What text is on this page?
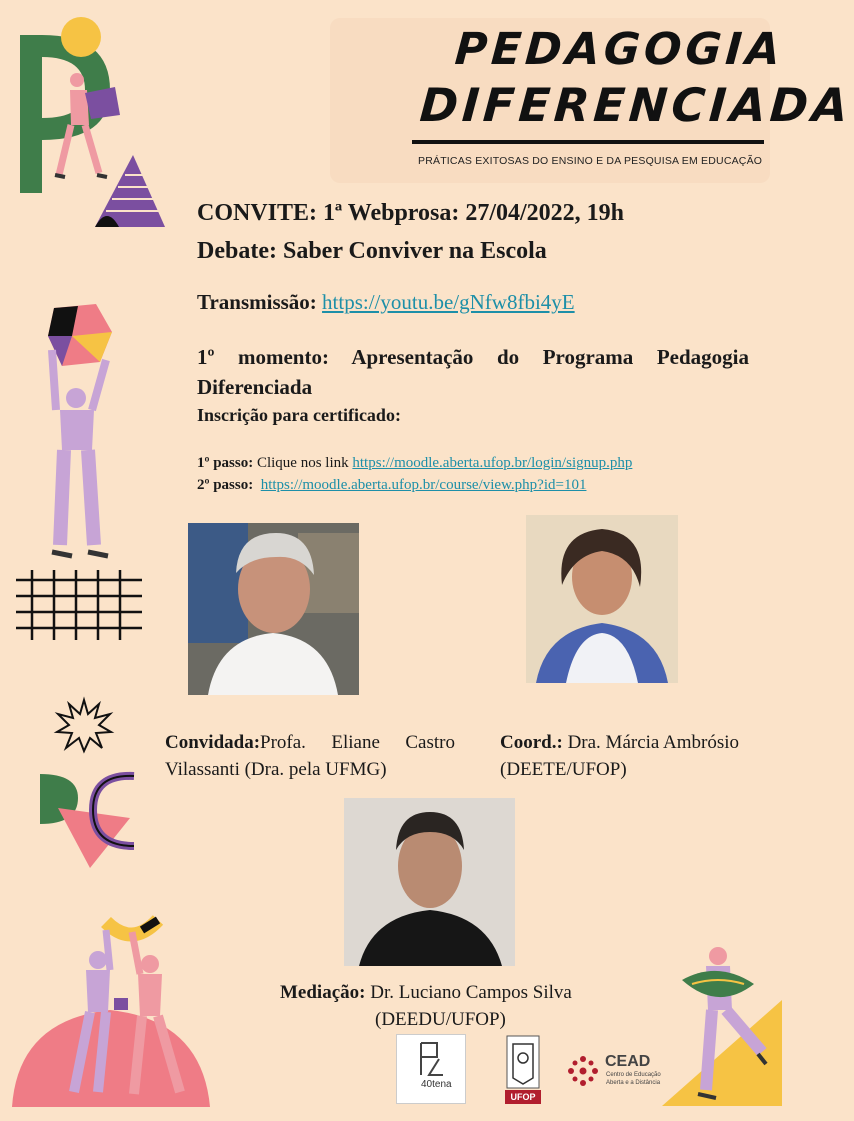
PEDAGOGIA
DIFERENCIADA
PRÁTICAS EXITOSAS DO ENSINO E DA PESQUISA EM EDUCAÇÃO
CONVITE: 1ª Webprosa: 27/04/2022, 19h
Debate: Saber Conviver na Escola
Transmissão: https://youtu.be/gNfw8fbi4yE
1º momento: Apresentação do Programa Pedagogia Diferenciada
Inscrição para certificado:
1º passo: Clique nos link https://moodle.aberta.ufop.br/login/signup.php
2º passo: https://moodle.aberta.ufop.br/course/view.php?id=101
Convidada:Profa. Eliane Castro Vilassanti (Dra. pela UFMG)
Coord.: Dra. Márcia Ambrósio (DEETE/UFOP)
Mediação: Dr. Luciano Campos Silva
(DEEDU/UFOP)
40tena
UFOP
CEAD
Centro de Educação
Aberta e a Distância
